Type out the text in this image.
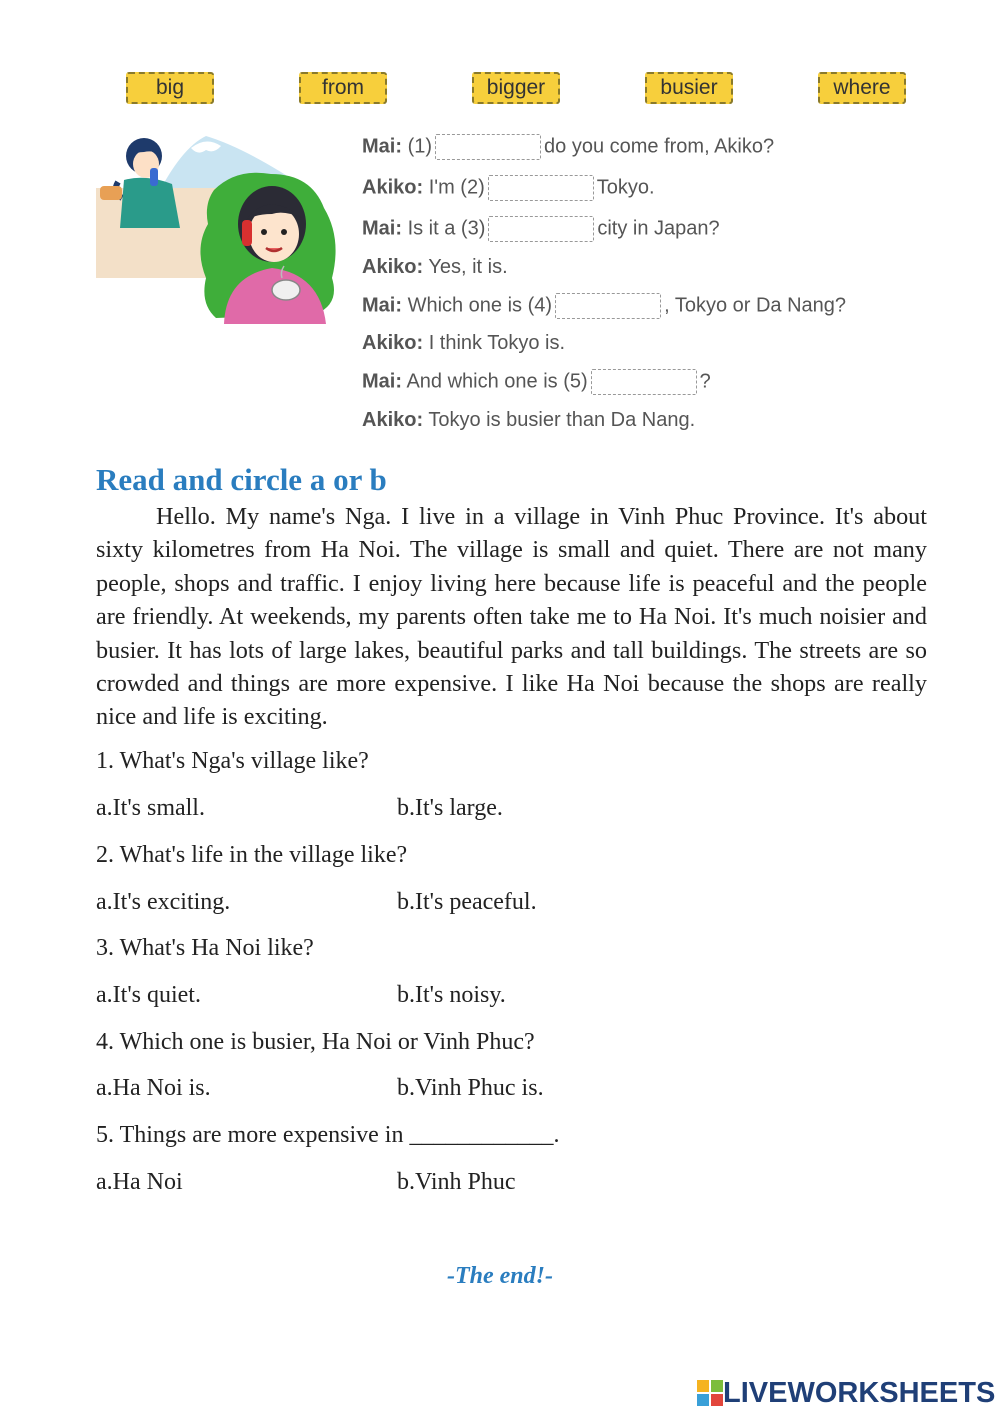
big	from	bigger	busier	where
Mai: (1)	do you come from, Akiko?
Akiko: I'm (2)	Tokyo.
Mai: Is it a (3)	city in Japan?
Akiko: Yes, it is.
Mai: Which one is (4)	, Tokyo or Da Nang?
Akiko: I think Tokyo is.
Mai: And which one is (5)	?
Akiko: Tokyo is busier than Da Nang.
Read and circle a or b
Hello. My name's Nga. I live in a village in Vinh Phuc Province. It's about sixty kilometres from Ha Noi. The village is small and quiet. There are not many people, shops and traffic. I enjoy living here because life is peaceful and the people are friendly. At weekends, my parents often take me to Ha Noi. It's much noisier and busier. It has lots of large lakes, beautiful parks and tall buildings. The streets are so crowded and things are more expensive. I like Ha Noi because the shops are really nice and life is exciting.
1. What's Nga's village like?
a.It's small.	b.It's large.
2. What's life in the village like?
a.It's exciting.	b.It's peaceful.
3. What's Ha Noi like?
a.It's quiet.	b.It's noisy.
4. Which one is busier, Ha Noi or Vinh Phuc?
a.Ha Noi is.	b.Vinh Phuc is.
5. Things are more expensive in ____________.
a.Ha Noi	b.Vinh Phuc
-The end!-
LIVEWORKSHEETS
